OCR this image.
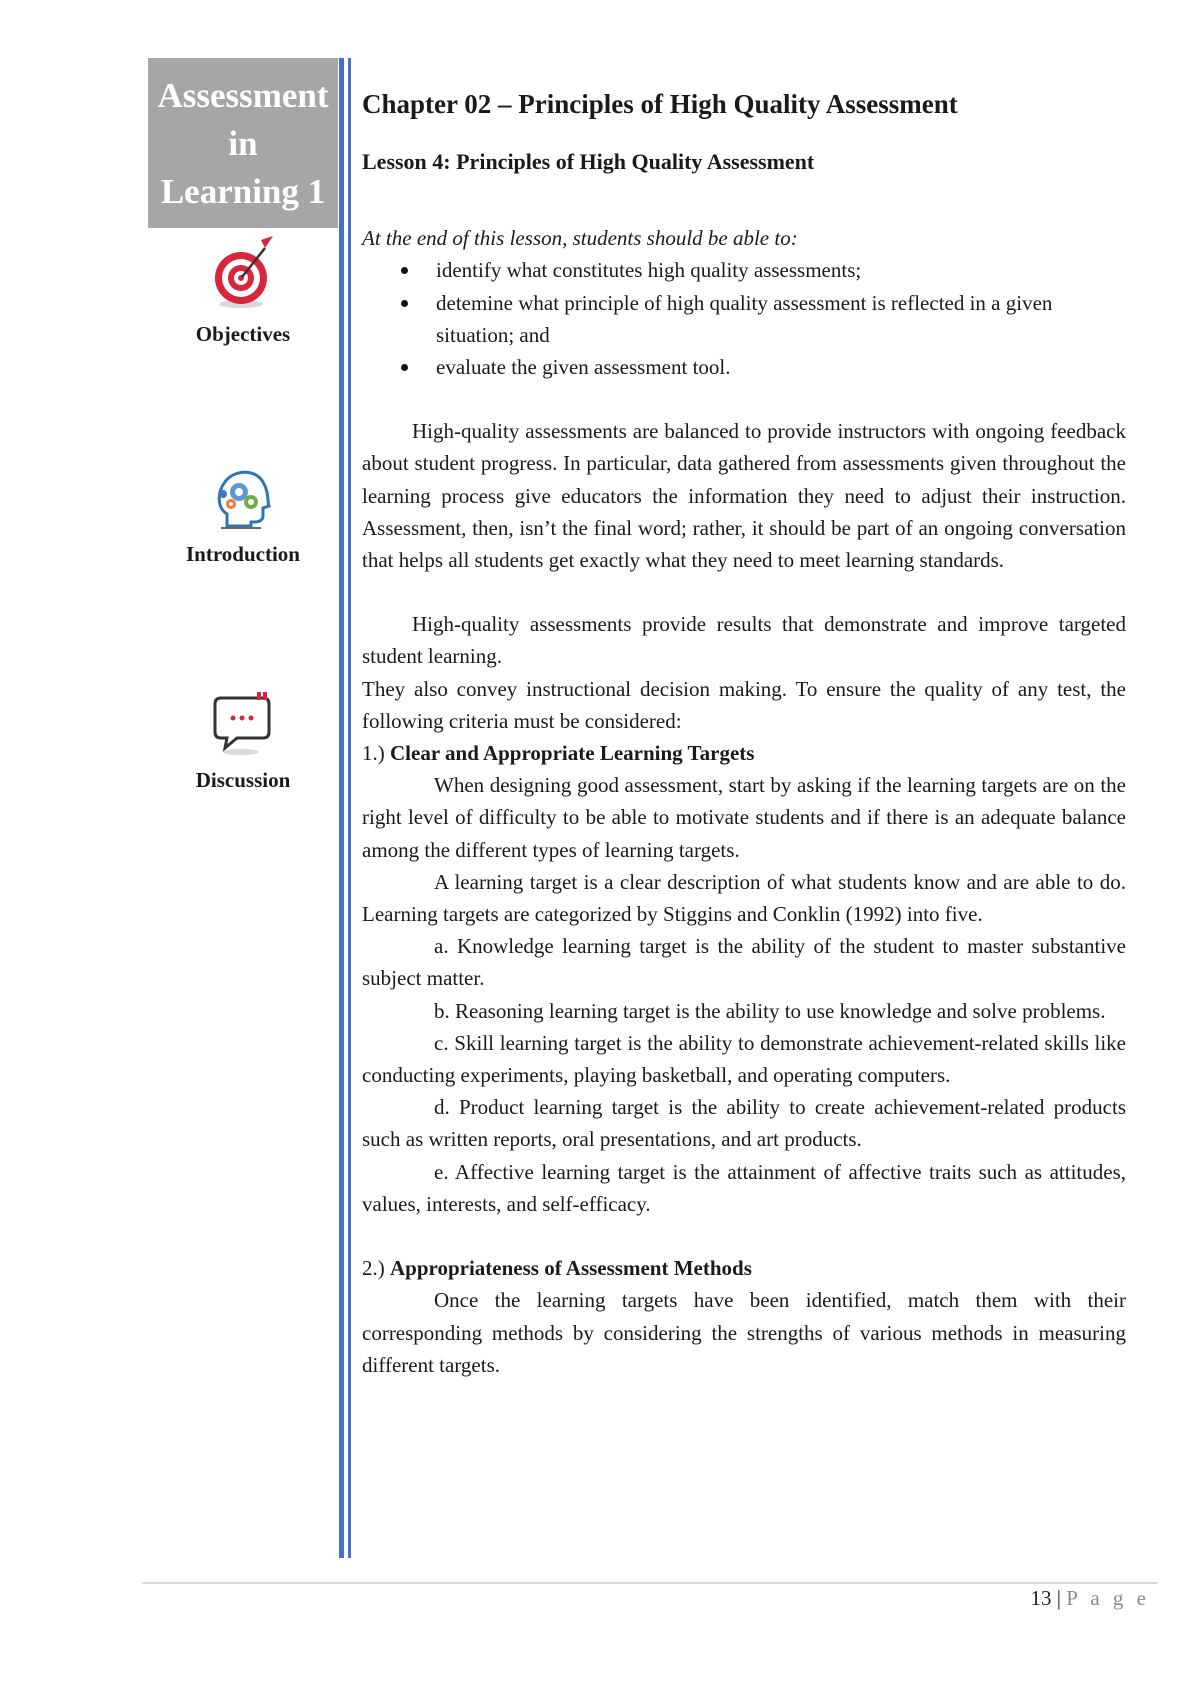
Assessment
in
Learning 1
Objectives
Introduction
Discussion
Chapter 02 – Principles of High Quality Assessment
Lesson 4: Principles of High Quality Assessment
At the end of this lesson, students should be able to:
identify what constitutes high quality assessments;
detemine what principle of high quality assessment is reflected in a given situation; and
evaluate the given assessment tool.

High-quality assessments are balanced to provide instructors with ongoing feedback about student progress. In particular, data gathered from assessments given throughout the learning process give educators the information they need to adjust their instruction. Assessment, then, isn’t the final word; rather, it should be part of an ongoing conversation that helps all students get exactly what they need to meet learning standards.

High-quality assessments provide results that demonstrate and improve targeted student learning.

They also convey instructional decision making. To ensure the quality of any test, the following criteria must be considered:

1.) Clear and Appropriate Learning Targets

When designing good assessment, start by asking if the learning targets are on the right level of difficulty to be able to motivate students and if there is an adequate balance among the different types of learning targets.

A learning target is a clear description of what students know and are able to do. Learning targets are categorized by Stiggins and Conklin (1992) into five.

a. Knowledge learning target is the ability of the student to master substantive subject matter.

b. Reasoning learning target is the ability to use knowledge and solve problems.

c. Skill learning target is the ability to demonstrate achievement-related skills like conducting experiments, playing basketball, and operating computers.

d. Product learning target is the ability to create achievement-related products such as written reports, oral presentations, and art products.

e. Affective learning target is the attainment of affective traits such as attitudes, values, interests, and self-efficacy.

2.) Appropriateness of Assessment Methods

Once the learning targets have been identified, match them with their corresponding methods by considering the strengths of various methods in measuring different targets.

13 | P a g e
